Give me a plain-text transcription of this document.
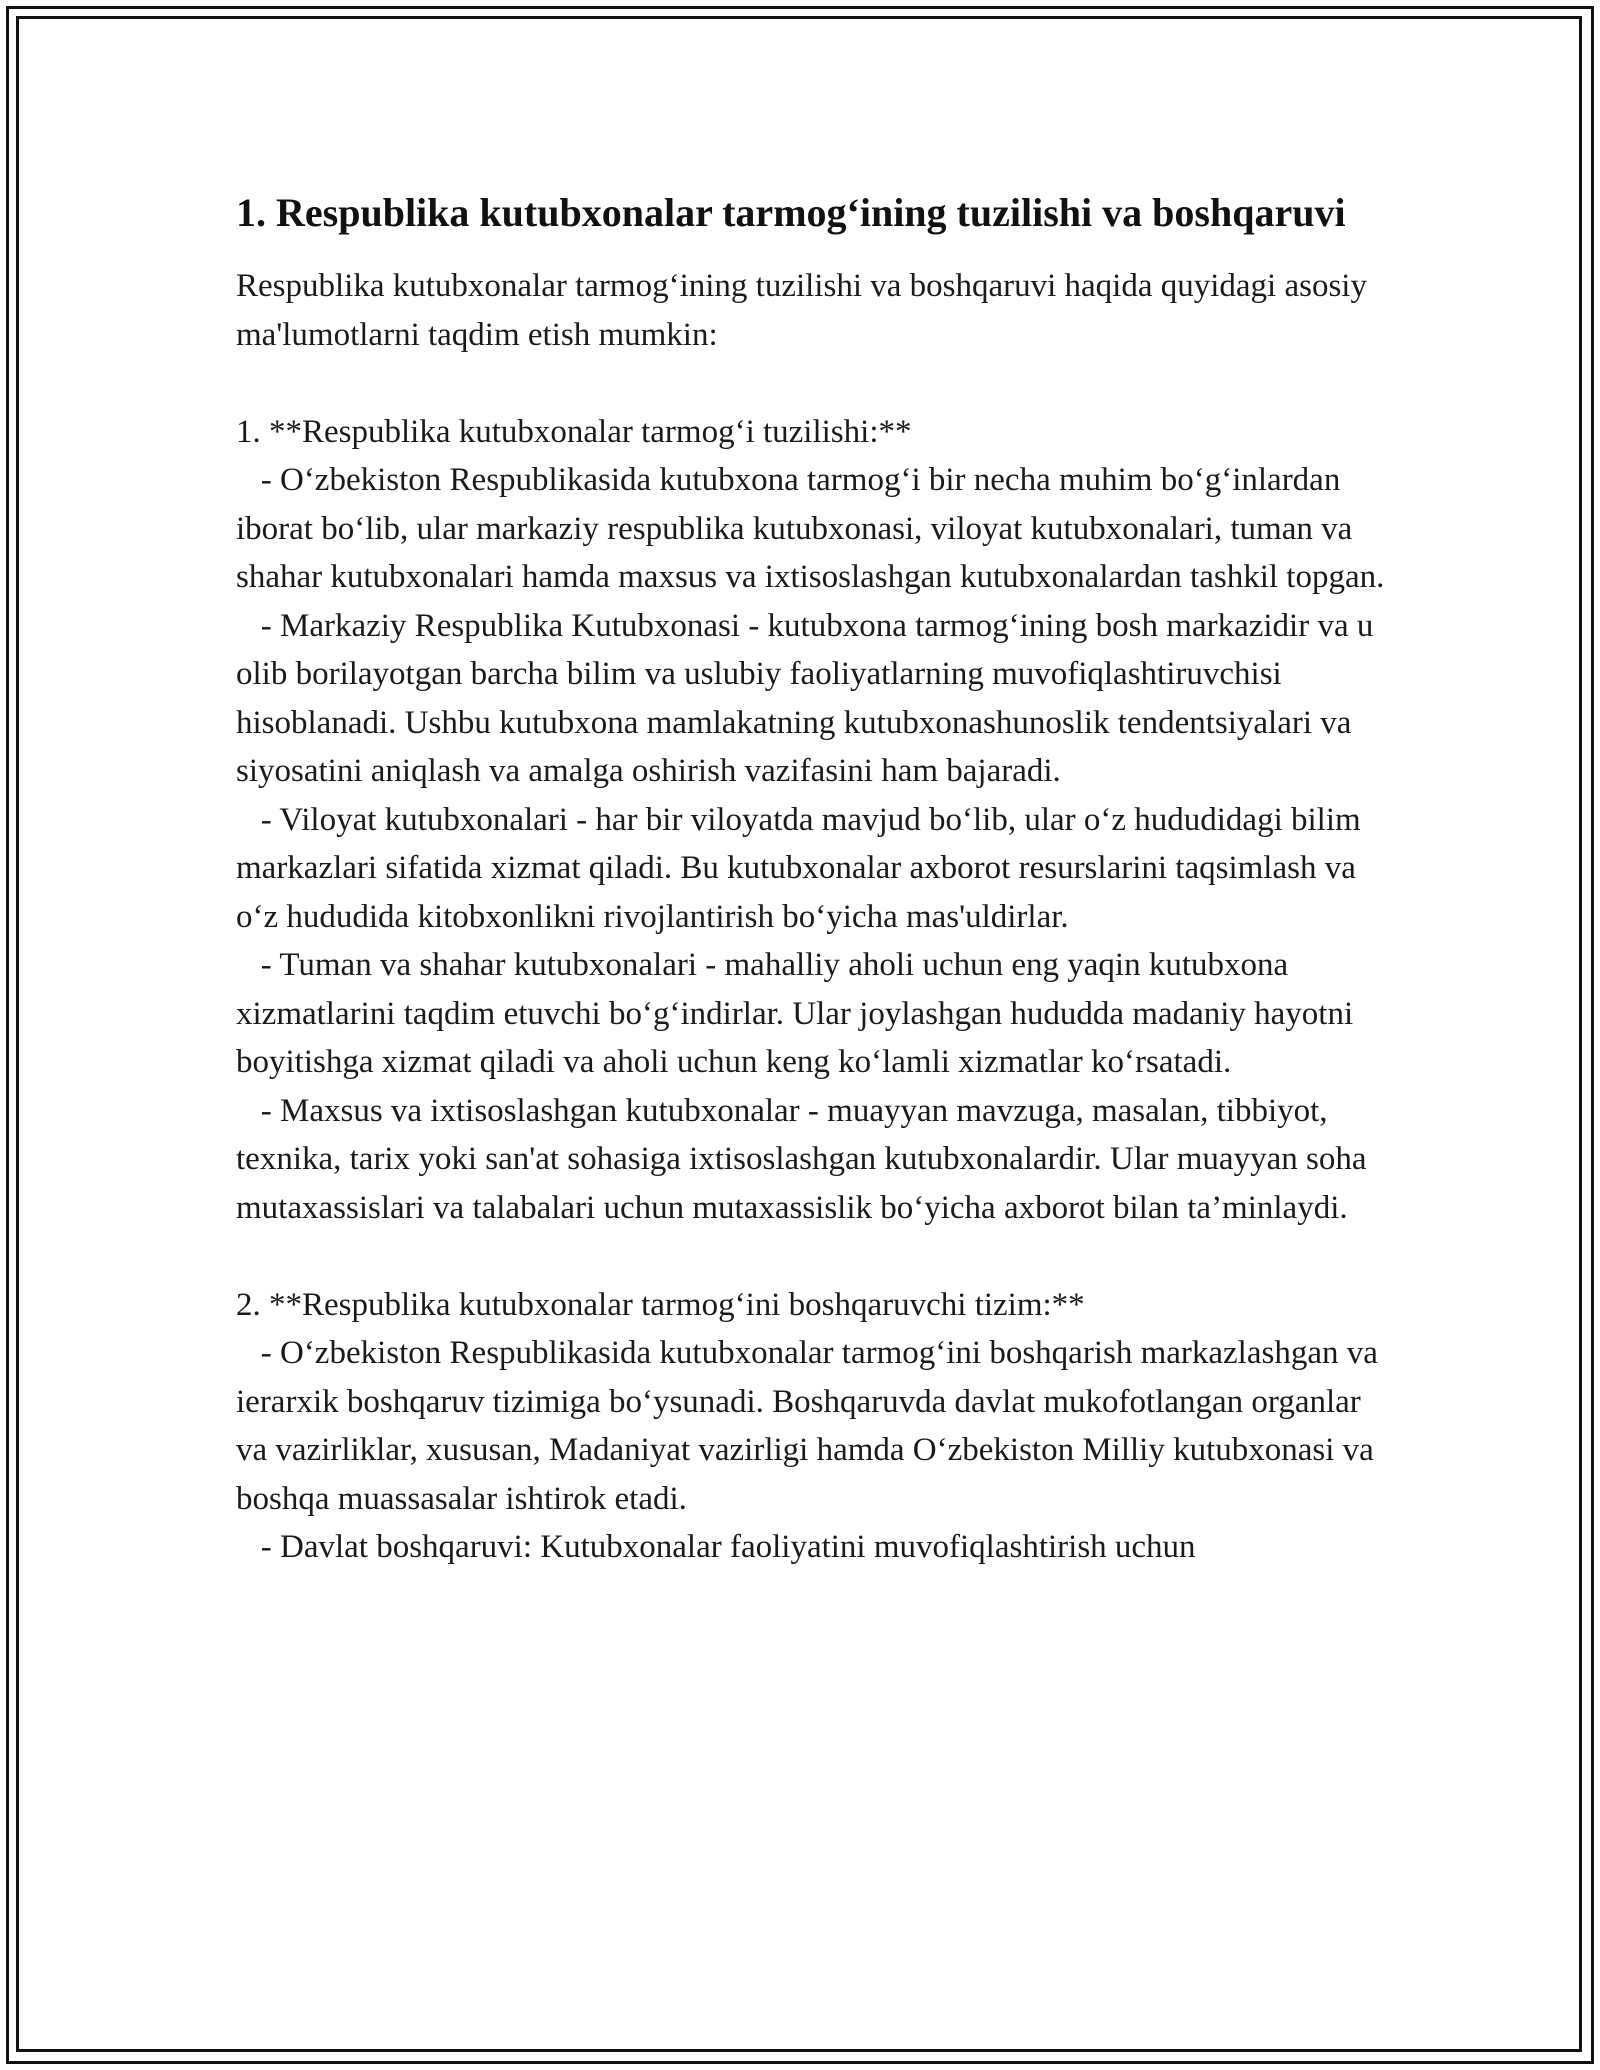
1. Respublika kutubxonalar tarmog‘ining tuzilishi va boshqaruvi

Respublika kutubxonalar tarmog‘ining tuzilishi va boshqaruvi haqida quyidagi asosiy ma'lumotlarni taqdim etish mumkin:

1. **Respublika kutubxonalar tarmog‘i tuzilishi:**
- O‘zbekiston Respublikasida kutubxona tarmog‘i bir necha muhim bo‘g‘inlardan iborat bo‘lib, ular markaziy respublika kutubxonasi, viloyat kutubxonalari, tuman va shahar kutubxonalari hamda maxsus va ixtisoslashgan kutubxonalardan tashkil topgan.
- Markaziy Respublika Kutubxonasi - kutubxona tarmog‘ining bosh markazidir va u olib borilayotgan barcha bilim va uslubiy faoliyatlarning muvofiqlashtiruvchisi hisoblanadi. Ushbu kutubxona mamlakatning kutubxonashunoslik tendentsiyalari va siyosatini aniqlash va amalga oshirish vazifasini ham bajaradi.
- Viloyat kutubxonalari - har bir viloyatda mavjud bo‘lib, ular o‘z hududidagi bilim markazlari sifatida xizmat qiladi. Bu kutubxonalar axborot resurslarini taqsimlash va o‘z hududida kitobxonlikni rivojlantirish bo‘yicha mas'uldirlar.
- Tuman va shahar kutubxonalari - mahalliy aholi uchun eng yaqin kutubxona xizmatlarini taqdim etuvchi bo‘g‘indirlar. Ular joylashgan hududda madaniy hayotni boyitishga xizmat qiladi va aholi uchun keng ko‘lamli xizmatlar ko‘rsatadi.
- Maxsus va ixtisoslashgan kutubxonalar - muayyan mavzuga, masalan, tibbiyot, texnika, tarix yoki san'at sohasiga ixtisoslashgan kutubxonalardir. Ular muayyan soha mutaxassislari va talabalari uchun mutaxassislik bo‘yicha axborot bilan ta’minlaydi.

2. **Respublika kutubxonalar tarmog‘ini boshqaruvchi tizim:**
- O‘zbekiston Respublikasida kutubxonalar tarmog‘ini boshqarish markazlashgan va ierarxik boshqaruv tizimiga bo‘ysunadi. Boshqaruvda davlat mukofotlangan organlar va vazirliklar, xususan, Madaniyat vazirligi hamda O‘zbekiston Milliy kutubxonasi va boshqa muassasalar ishtirok etadi.
- Davlat boshqaruvi: Kutubxonalar faoliyatini muvofiqlashtirish uchun
